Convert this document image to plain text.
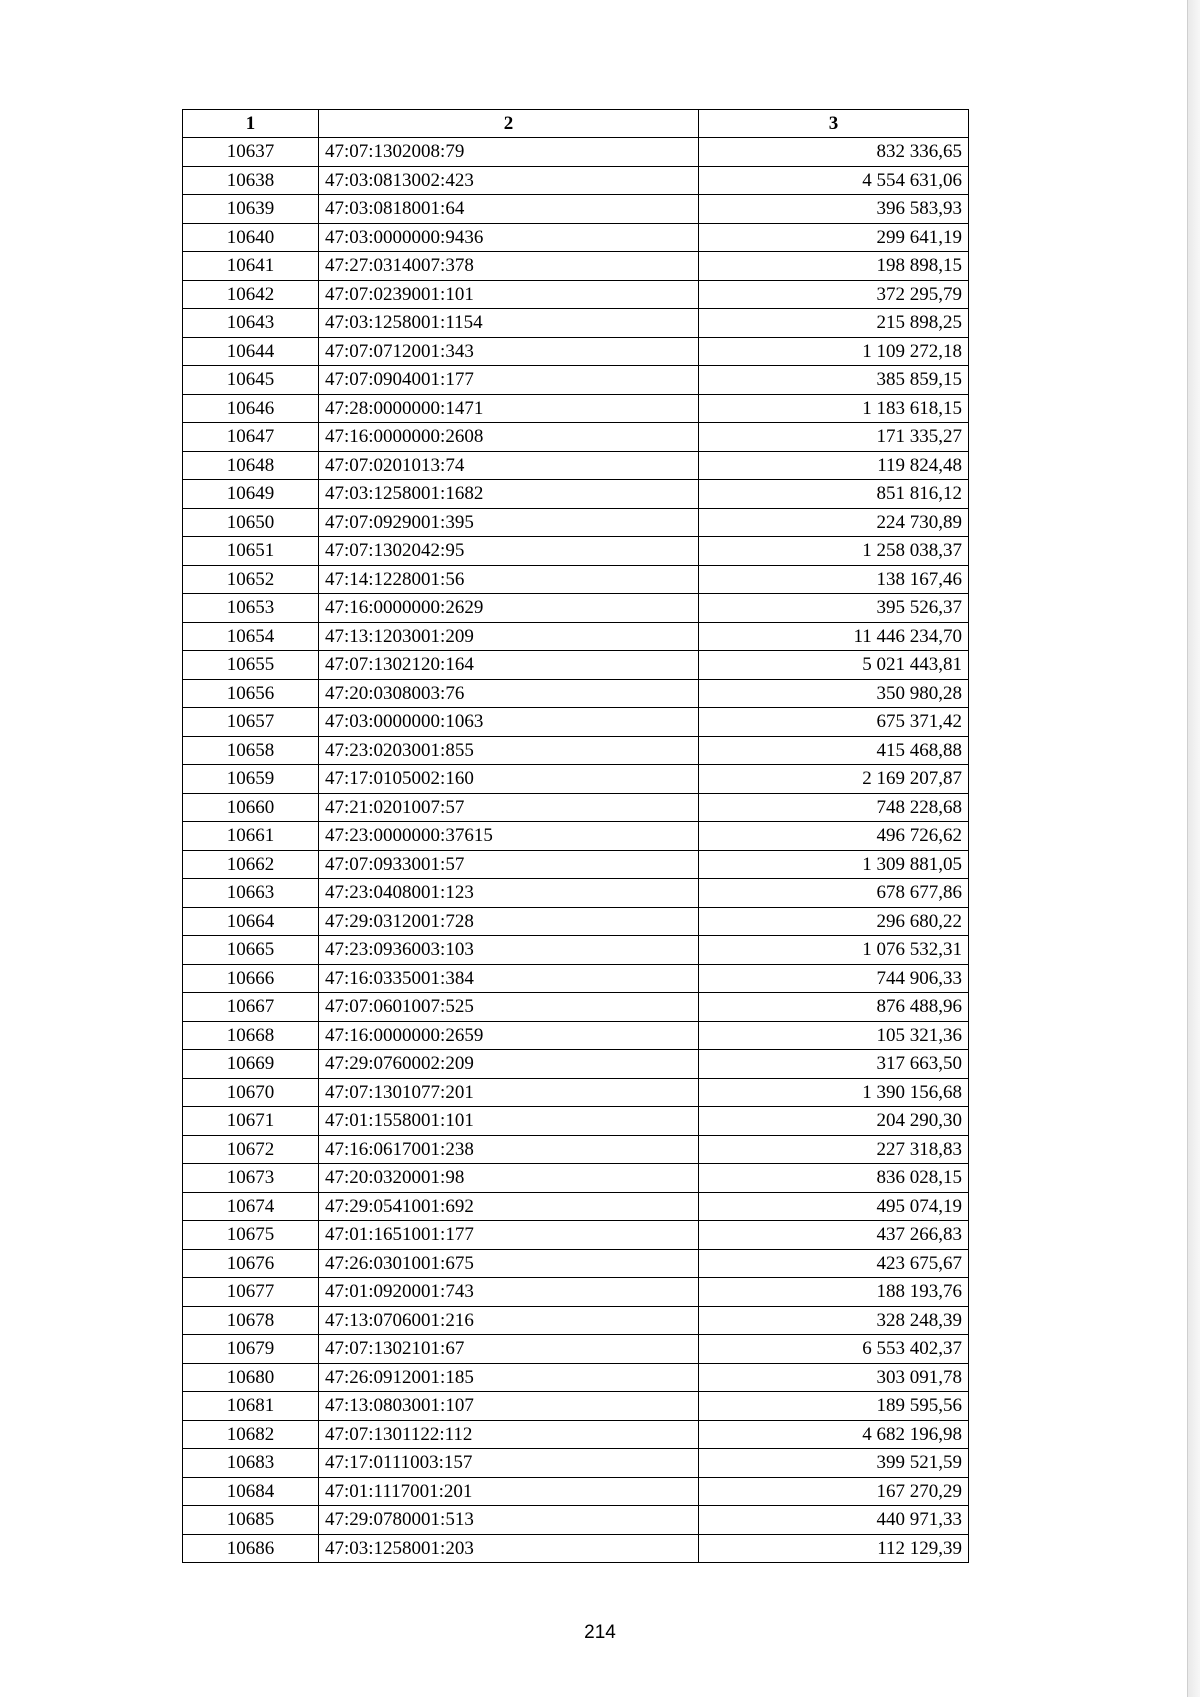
1	2	3
10637	47:07:1302008:79	832 336,65
10638	47:03:0813002:423	4 554 631,06
10639	47:03:0818001:64	396 583,93
10640	47:03:0000000:9436	299 641,19
10641	47:27:0314007:378	198 898,15
10642	47:07:0239001:101	372 295,79
10643	47:03:1258001:1154	215 898,25
10644	47:07:0712001:343	1 109 272,18
10645	47:07:0904001:177	385 859,15
10646	47:28:0000000:1471	1 183 618,15
10647	47:16:0000000:2608	171 335,27
10648	47:07:0201013:74	119 824,48
10649	47:03:1258001:1682	851 816,12
10650	47:07:0929001:395	224 730,89
10651	47:07:1302042:95	1 258 038,37
10652	47:14:1228001:56	138 167,46
10653	47:16:0000000:2629	395 526,37
10654	47:13:1203001:209	11 446 234,70
10655	47:07:1302120:164	5 021 443,81
10656	47:20:0308003:76	350 980,28
10657	47:03:0000000:1063	675 371,42
10658	47:23:0203001:855	415 468,88
10659	47:17:0105002:160	2 169 207,87
10660	47:21:0201007:57	748 228,68
10661	47:23:0000000:37615	496 726,62
10662	47:07:0933001:57	1 309 881,05
10663	47:23:0408001:123	678 677,86
10664	47:29:0312001:728	296 680,22
10665	47:23:0936003:103	1 076 532,31
10666	47:16:0335001:384	744 906,33
10667	47:07:0601007:525	876 488,96
10668	47:16:0000000:2659	105 321,36
10669	47:29:0760002:209	317 663,50
10670	47:07:1301077:201	1 390 156,68
10671	47:01:1558001:101	204 290,30
10672	47:16:0617001:238	227 318,83
10673	47:20:0320001:98	836 028,15
10674	47:29:0541001:692	495 074,19
10675	47:01:1651001:177	437 266,83
10676	47:26:0301001:675	423 675,67
10677	47:01:0920001:743	188 193,76
10678	47:13:0706001:216	328 248,39
10679	47:07:1302101:67	6 553 402,37
10680	47:26:0912001:185	303 091,78
10681	47:13:0803001:107	189 595,56
10682	47:07:1301122:112	4 682 196,98
10683	47:17:0111003:157	399 521,59
10684	47:01:1117001:201	167 270,29
10685	47:29:0780001:513	440 971,33
10686	47:03:1258001:203	112 129,39
214
